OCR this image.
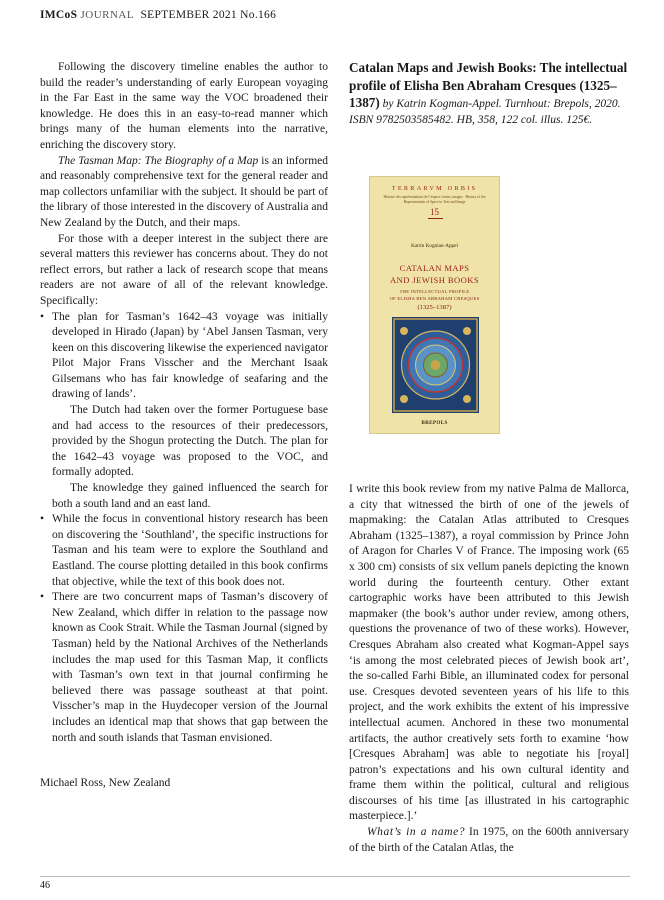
IMCoS JOURNAL SEPTEMBER 2021 No.166

Following the discovery timeline enables the author to build the reader’s understanding of early European voyaging in the Far East in the same way the VOC broadened their knowledge. He does this in an easy-to-read manner which brings many of the human elements into the narrative, enriching the discovery story.

The Tasman Map: The Biography of a Map is an informed and reasonably comprehensive text for the general reader and map collectors unfamiliar with the subject. It should be part of the library of those interested in the discovery of Australia and New Zealand by the Dutch, and their maps.

For those with a deeper interest in the subject there are several matters this reviewer has concerns about. They do not reflect errors, but rather a lack of research scope that means readers are not aware of all of the relevant knowledge. Specifically:

• The plan for Tasman’s 1642–43 voyage was initially developed in Hirado (Japan) by ‘Abel Jansen Tasman, very keen on this discovering likewise the experienced navigator Pilot Major Frans Visscher and the Merchant Isaak Gilsemans who has fair knowledge of seafaring and the drawing of lands’.

The Dutch had taken over the former Portuguese base and had access to the resources of their predecessors, provided by the Shogun protecting the Dutch. The plan for the 1642–43 voyage was proposed to the VOC, and formally adopted.

The knowledge they gained influenced the search for both a south land and an east land.

• While the focus in conventional history research has been on discovering the ‘Southland’, the specific instructions for Tasman and his team were to explore the Southland and Eastland. The course plotting detailed in this book confirms that objective, while the text of this book does not.

• There are two concurrent maps of Tasman’s discovery of New Zealand, which differ in relation to the passage now known as Cook Strait. While the Tasman Journal (signed by Tasman) held by the National Archives of the Netherlands includes the map used for this Tasman Map, it conflicts with Tasman’s own text in that journal confirming he believed there was passage southeast at that point. Visscher’s map in the Huydecoper version of the Journal includes an identical map that shows that gap between the north and south islands that Tasman envisioned.

Michael Ross, New Zealand

Catalan Maps and Jewish Books: The intellectual profile of Elisha Ben Abraham Cresques (1325–1387) by Katrin Kogman-Appel. Turnhout: Brepols, 2020. ISBN 9782503585482. HB, 358, 122 col. illus. 125€.

TERRARVM ORBIS
Histoire des représentations de l’espace: textes, images · History of the Representation of Space in Text and Image
15
Katrin Kogman-Appel
CATALAN MAPS
AND JEWISH BOOKS
THE INTELLECTUAL PROFILE
OF ELISHA BEN ABRAHAM CRESQUES
(1325–1387)
BREPOLS

I write this book review from my native Palma de Mallorca, a city that witnessed the birth of one of the jewels of mapmaking: the Catalan Atlas attributed to Cresques Abraham (1325–1387), a royal commission by Prince John of Aragon for Charles V of France. The imposing work (65 x 300 cm) consists of six vellum panels depicting the known world during the fourteenth century. Other extant cartographic works have been attributed to this Jewish mapmaker (the book’s author under review, among others, questions the provenance of two of these works). However, Cresques Abraham also created what Kogman-Appel says ‘is among the most celebrated pieces of Jewish book art’, the so-called Farhi Bible, an illuminated codex for personal use. Cresques devoted seventeen years of his life to this project, and the work exhibits the extent of his impressive intellectual acumen. Anchored in these two monumental artifacts, the author creatively sets forth to examine ‘how [Cresques Abraham] was able to negotiate his [royal] patron’s expectations and his own cultural identity and frame them within the political, cultural and religious discourses of his time [as illustrated in his cartographic masterpiece.].’

What’s in a name? In 1975, on the 600th anniversary of the birth of the Catalan Atlas, the

46
